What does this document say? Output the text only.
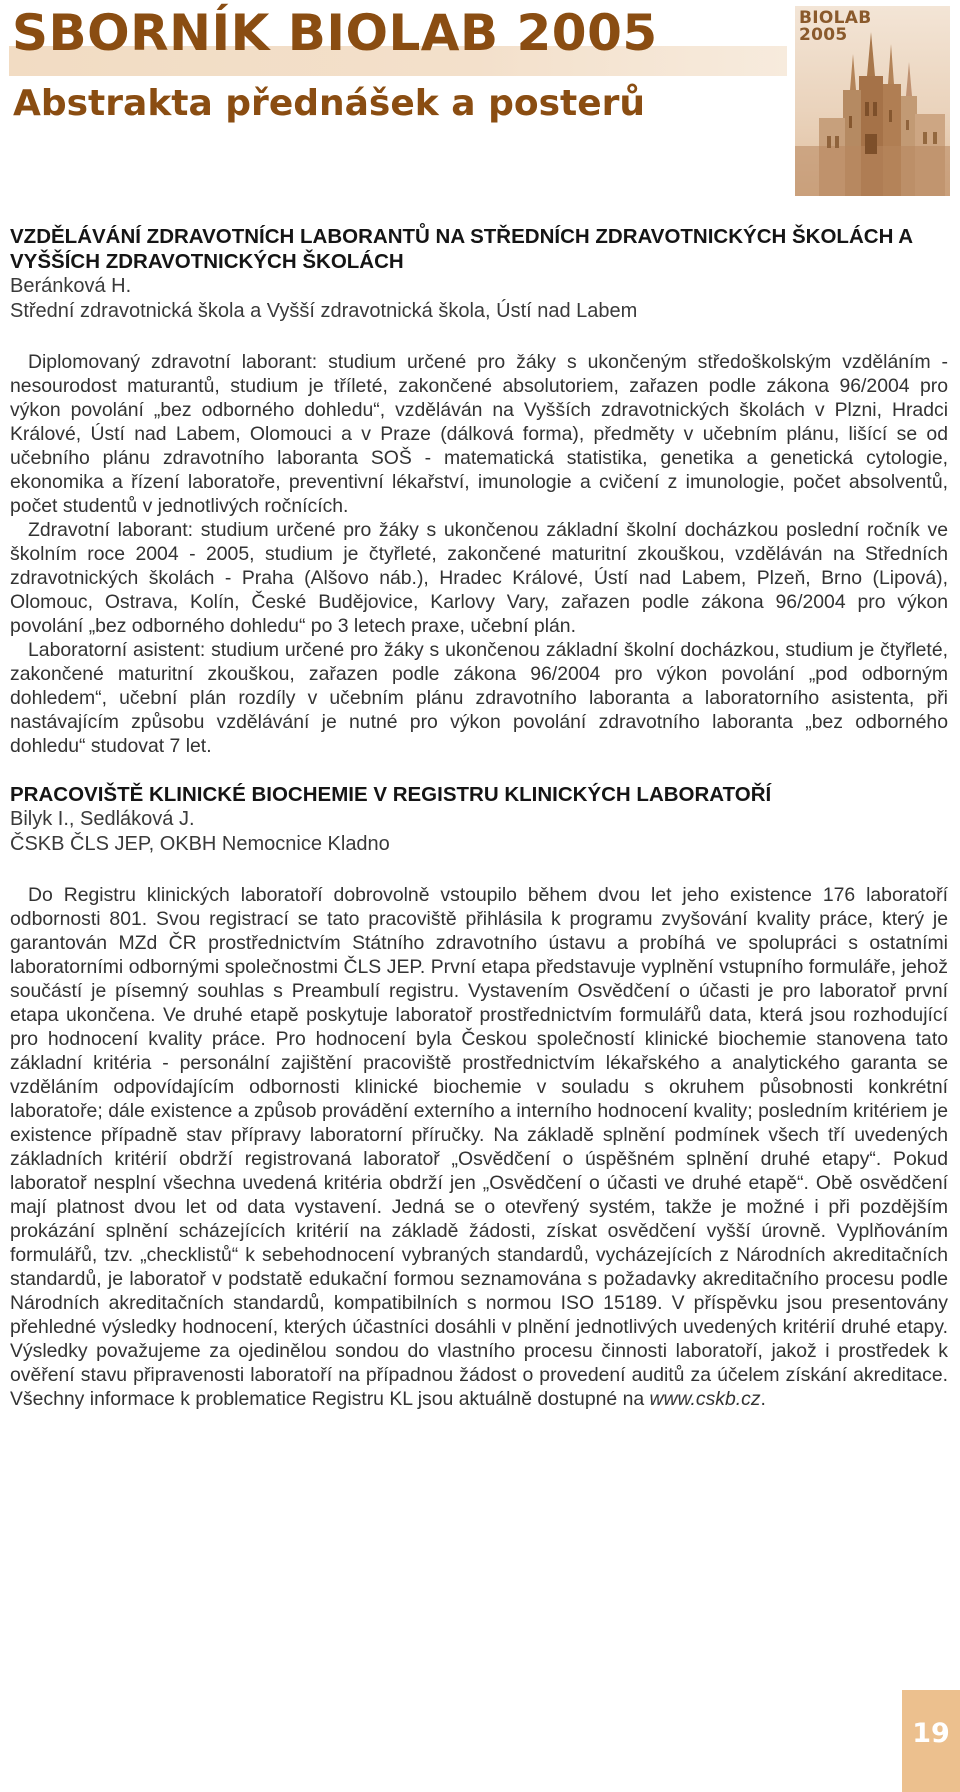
SBORNÍK BIOLAB 2005
Abstrakta přednášek a posterů
BIOLAB 2005

VZDĚLÁVÁNÍ ZDRAVOTNÍCH LABORANTŮ NA STŘEDNÍCH ZDRAVOTNICKÝCH ŠKOLÁCH A VYŠŠÍCH ZDRAVOTNICKÝCH ŠKOLÁCH

Beránková H.

Střední zdravotnická škola a Vyšší zdravotnická škola, Ústí nad Labem

Diplomovaný zdravotní laborant: studium určené pro žáky s ukončeným středoškolským vzděláním - nesourodost maturantů, studium je tříleté, zakončené absolutoriem, zařazen podle zákona 96/2004 pro výkon povolání „bez odborného dohledu“, vzděláván na Vyšších zdravotnických školách v Plzni, Hradci Králové, Ústí nad Labem, Olomouci a v Praze (dálková forma), předměty v učebním plánu, lišící se od učebního plánu zdravotního laboranta SOŠ - matematická statistika, genetika a genetická cytologie, ekonomika a řízení laboratoře, preventivní lékařství, imunologie a cvičení z imunologie, počet absolventů, počet studentů v jednotlivých ročnících.

Zdravotní laborant: studium určené pro žáky s ukončenou základní školní docházkou poslední ročník ve školním roce 2004 - 2005, studium je čtyřleté, zakončené maturitní zkouškou, vzděláván na Středních zdravotnických školách - Praha (Alšovo náb.), Hradec Králové, Ústí nad Labem, Plzeň, Brno (Lipová), Olomouc, Ostrava, Kolín, České Budějovice, Karlovy Vary, zařazen podle zákona 96/2004 pro výkon povolání „bez odborného dohledu“ po 3 letech praxe, učební plán.

Laboratorní asistent: studium určené pro žáky s ukončenou základní školní docházkou, studium je čtyřleté, zakončené maturitní zkouškou, zařazen podle zákona 96/2004 pro výkon povolání „pod odborným dohledem“, učební plán rozdíly v učebním plánu zdravotního laboranta a laboratorního asistenta, při nastávajícím způsobu vzdělávání je nutné pro výkon povolání zdravotního laboranta „bez odborného dohledu“ studovat 7 let.

PRACOVIŠTĚ KLINICKÉ BIOCHEMIE V REGISTRU KLINICKÝCH LABORATOŘÍ

Bilyk I., Sedláková J.

ČSKB ČLS JEP, OKBH Nemocnice Kladno

Do Registru klinických laboratoří dobrovolně vstoupilo během dvou let jeho existence 176 laboratoří odbornosti 801. Svou registrací se tato pracoviště přihlásila k programu zvyšování kvality práce, který je garantován MZd ČR prostřednictvím Státního zdravotního ústavu a probíhá ve spolupráci s ostatními laboratorními odbornými společnostmi ČLS JEP. První etapa představuje vyplnění vstupního formuláře, jehož součástí je písemný souhlas s Preambulí registru. Vystavením Osvědčení o účasti je pro laboratoř první etapa ukončena. Ve druhé etapě poskytuje laboratoř prostřednictvím formulářů data, která jsou rozhodující pro hodnocení kvality práce. Pro hodnocení byla Českou společností klinické biochemie stanovena tato základní kritéria - personální zajištění pracoviště prostřednictvím lékařského a analytického garanta se vzděláním odpovídajícím odbornosti klinické biochemie v souladu s okruhem působnosti konkrétní laboratoře; dále existence a způsob provádění externího a interního hodnocení kvality; posledním kritériem je existence případně stav přípravy laboratorní příručky. Na základě splnění podmínek všech tří uvedených základních kritérií obdrží registrovaná laboratoř „Osvědčení o úspěšném splnění druhé etapy“. Pokud laboratoř nesplní všechna uvedená kritéria obdrží jen „Osvědčení o účasti ve druhé etapě“. Obě osvědčení mají platnost dvou let od data vystavení. Jedná se o otevřený systém, takže je možné i při pozdějším prokázání splnění scházejících kritérií na základě žádosti, získat osvědčení vyšší úrovně. Vyplňováním formulářů, tzv. „checklistů“ k sebehodnocení vybraných standardů, vycházejících z Národních akreditačních standardů, je laboratoř v podstatě edukační formou seznamována s požadavky akreditačního procesu podle Národních akreditačních standardů, kompatibilních s normou ISO 15189. V příspěvku jsou presentovány přehledné výsledky hodnocení, kterých účastníci dosáhli v plnění jednotlivých uvedených kritérií druhé etapy. Výsledky považujeme za ojedinělou sondou do vlastního procesu činnosti laboratoří, jakož i prostředek k ověření stavu připravenosti laboratoří na případnou žádost o provedení auditů za účelem získání akreditace. Všechny informace k problematice Registru KL jsou aktuálně dostupné na www.cskb.cz.

19
